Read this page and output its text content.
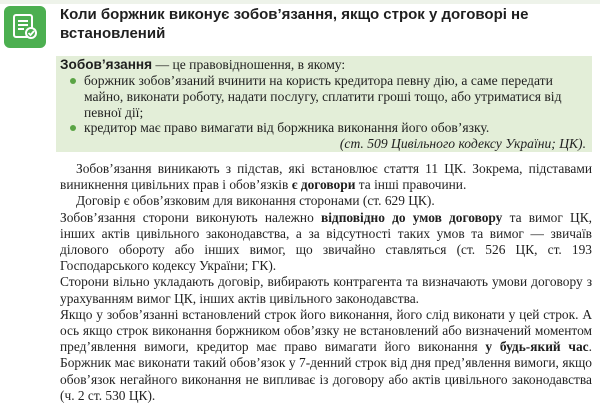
Коли боржник виконує зобов’язання, якщо строк у договорі не встановлений
Зобов’язання — це правовідношення, в якому:
боржник зобов’язаний вчинити на користь кредитора певну дію, а саме передати майно, виконати роботу, надати послугу, сплатити гроші тощо, або утриматися від певної дії;
кредитор має право вимагати від боржника виконання його обов’язку.
(ст. 509 Цивільного кодексу України; ЦК).

Зобов’язання виникають з підстав, які встановлює стаття 11 ЦК. Зокрема, підставами виникнення цивільних прав і обов’язків є договори та інші правочини.

Договір є обов’язковим для виконання сторонами (ст. 629 ЦК).

Зобов’язання сторони виконують належно відповідно до умов договору та вимог ЦК, інших актів цивільного законодавства, а за відсутності таких умов та вимог — звичаїв ділового обороту або інших вимог, що звичайно ставляться (ст. 526 ЦК, ст. 193 Господарського кодексу України; ГК).

Сторони вільно укладають договір, вибирають контрагента та визначають умови договору з урахуванням вимог ЦК, інших актів цивільного законодавства.

Якщо у зобов’язанні встановлений строк його виконання, його слід виконати у цей строк. А ось якщо строк виконання боржником обов’язку не встановлений або визначений моментом пред’явлення вимоги, кредитор має право вимагати його виконання у будь-який час. Боржник має виконати такий обов’язок у 7-денний строк від дня пред’явлення вимоги, якщо обов’язок негайного виконання не випливає із договору або актів цивільного законодавства (ч. 2 ст. 530 ЦК).
